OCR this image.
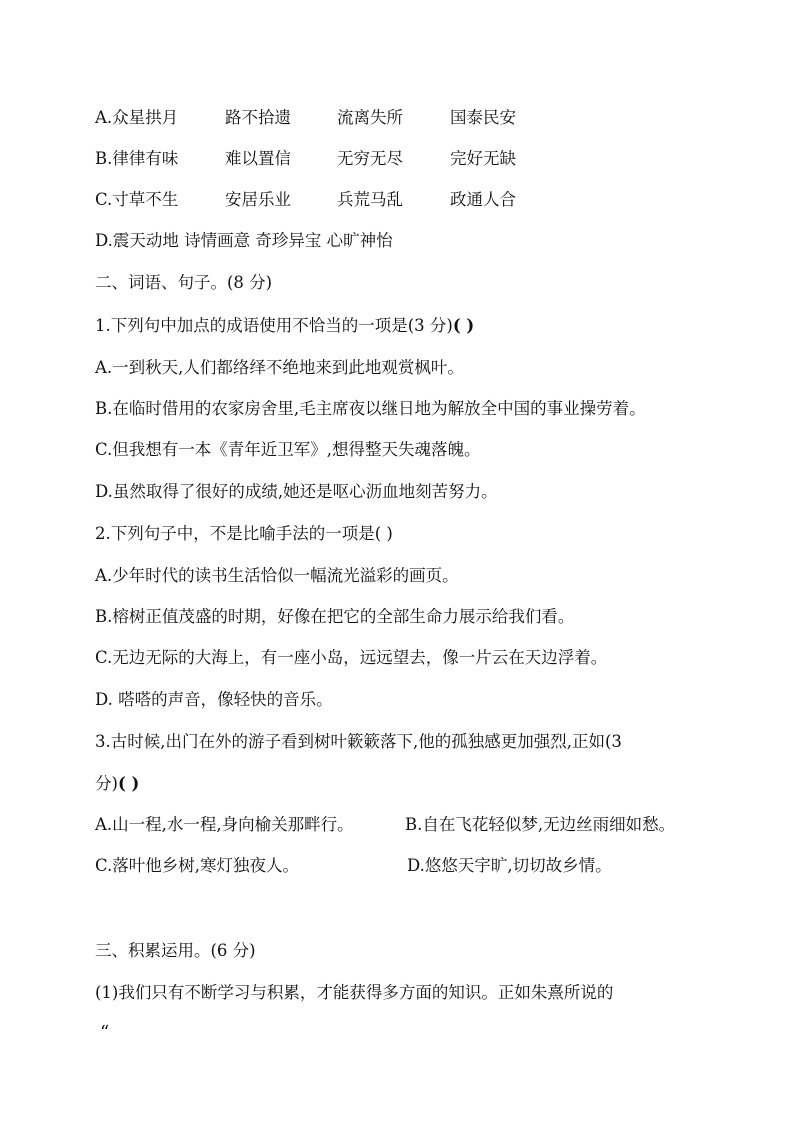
A.众星拱月	路不拾遗	流离失所	国泰民安
B.律律有味	难以置信	无穷无尽	完好无缺
C.寸草不生	安居乐业	兵荒马乱	政通人合
D.震天动地 诗情画意 奇珍异宝 心旷神怡
二、词语、句子。(8 分)
1.下列句中加点的成语使用不恰当的一项是(3 分)( )
A.一到秋天,人们都络绎不绝地来到此地观赏枫叶。
B.在临时借用的农家房舍里,毛主席夜以继日地为解放全中国的事业操劳着。
C.但我想有一本《青年近卫军》,想得整天失魂落魄。
D.虽然取得了很好的成绩,她还是呕心沥血地刻苦努力。
2.下列句子中，不是比喻手法的一项是( )
A.少年时代的读书生活恰似一幅流光溢彩的画页。
B.榕树正值茂盛的时期，好像在把它的全部生命力展示给我们看。
C.无边无际的大海上，有一座小岛，远远望去，像一片云在天边浮着。
D. 嗒嗒的声音，像轻快的音乐。
3.古时候,出门在外的游子看到树叶簌簌落下,他的孤独感更加强烈,正如(3
分)( )
A.山一程,水一程,身向榆关那畔行。	B.自在飞花轻似梦,无边丝雨细如愁。
C.落叶他乡树,寒灯独夜人。	D.悠悠天宇旷,切切故乡情。
三、积累运用。(6 分)
(1)我们只有不断学习与积累，才能获得多方面的知识。正如朱熹所说的
“
